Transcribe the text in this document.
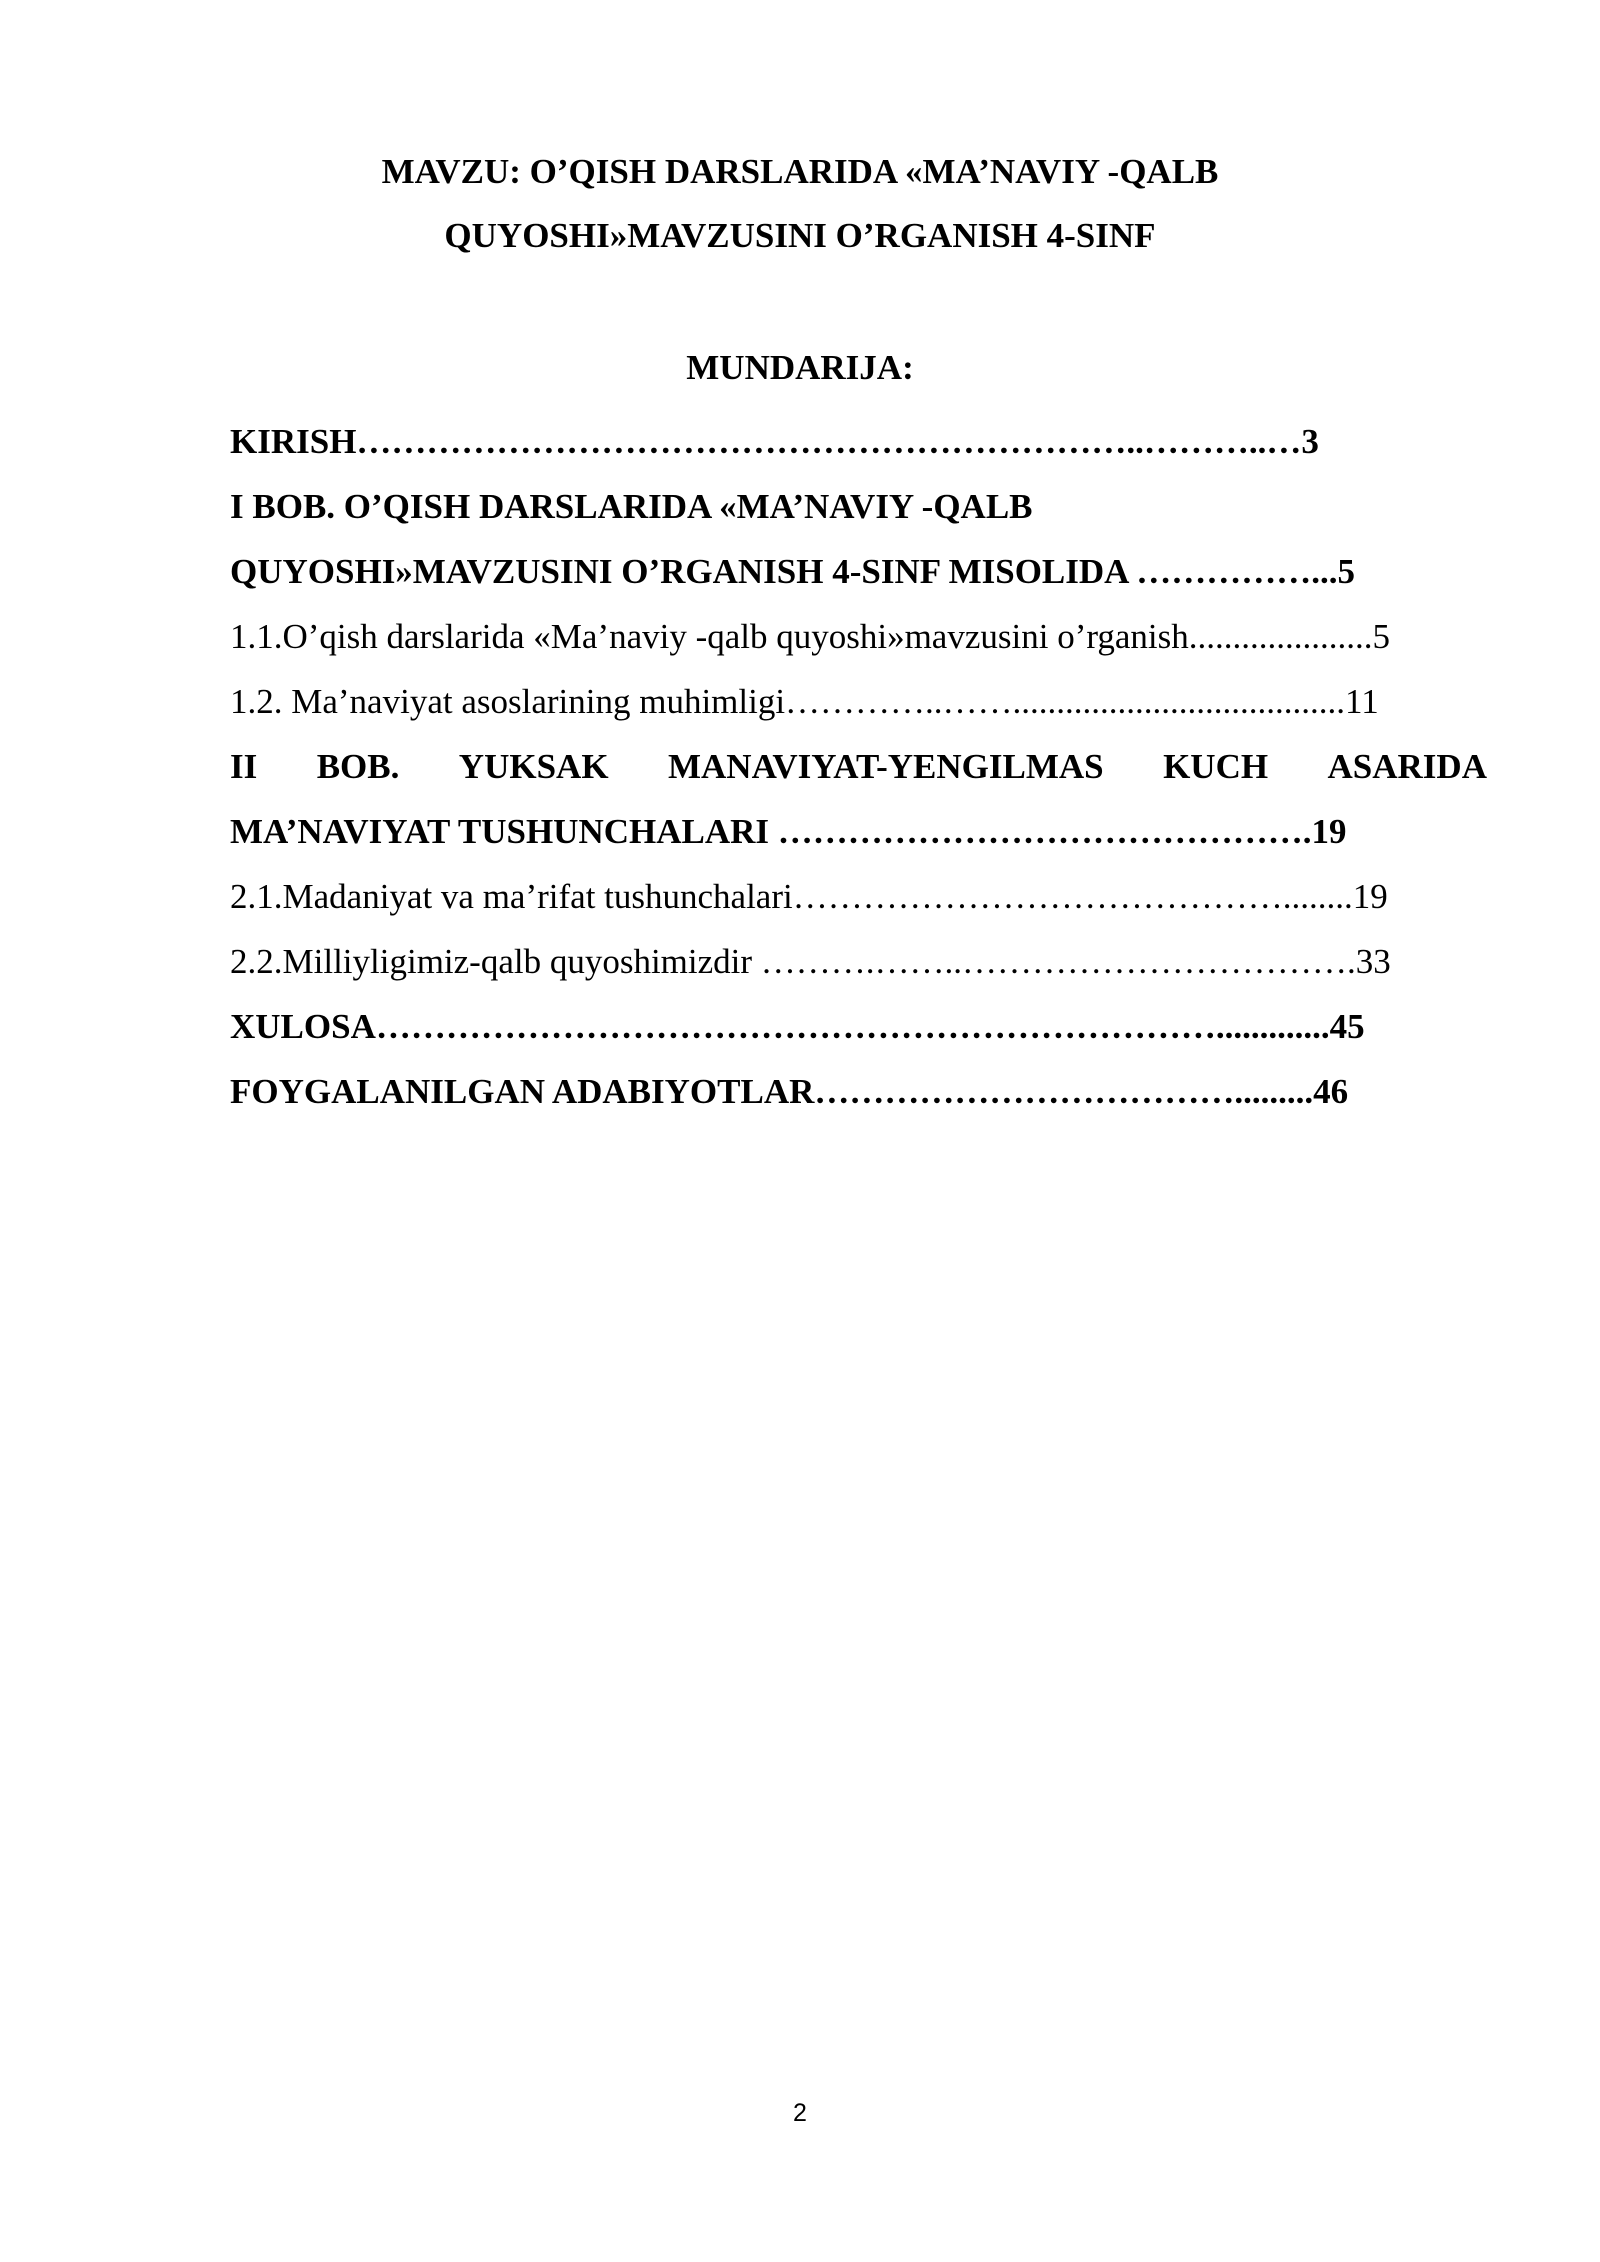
MAVZU: O’QISH DARSLARIDA «MA’NAVIY -QALB
QUYOSHI»MAVZUSINI O’RGANISH 4-SINF
MUNDARIJA:
KIRISH…………………………………………………………..………..…3
I BOB. O’QISH DARSLARIDA «MA’NAVIY -QALB
QUYOSHI»MAVZUSINI O’RGANISH 4-SINF MISOLIDA ……………...5
1.1.O’qish darslarida «Ma’naviy -qalb quyoshi»mavzusini o’rganish.....................5
1.2. Ma’naviyat asoslarining muhimligi…………..……......................................11
II BOB. YUKSAK MANAVIYAT-YENGILMAS KUCH ASARIDA
MA’NAVIYAT TUSHUNCHALARI ……………………………………….19
2.1.Madaniyat va ma’rifat tushunchalari……………………………………........19
2.2.Milliyligimiz-qalb quyoshimizdir ……….……..…………………………….33
XULOSA……………………………………………………………….............45
FOYGALANILGAN ADABIYOTLAR……………………………….........46
2
